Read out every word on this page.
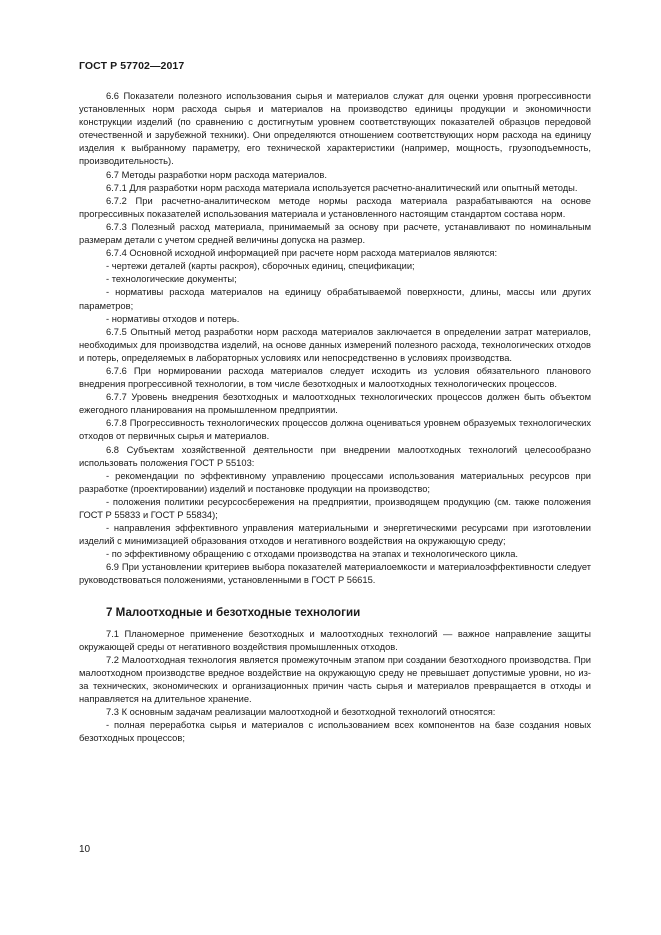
ГОСТ Р 57702—2017

6.6 Показатели полезного использования сырья и материалов служат для оценки уровня прогрессивности установленных норм расхода сырья и материалов на производство единицы продукции и экономичности конструкции изделий (по сравнению с достигнутым уровнем соответствующих показателей образцов передовой отечественной и зарубежной техники). Они определяются отношением соответствующих норм расхода на единицу изделия к выбранному параметру, его технической характеристики (например, мощность, грузоподъемность, производительность).

6.7 Методы разработки норм расхода материалов.

6.7.1 Для разработки норм расхода материала используется расчетно-аналитический или опытный методы.

6.7.2 При расчетно-аналитическом методе нормы расхода материала разрабатываются на основе прогрессивных показателей использования материала и установленного настоящим стандартом состава норм.

6.7.3 Полезный расход материала, принимаемый за основу при расчете, устанавливают по номинальным размерам детали с учетом средней величины допуска на размер.

6.7.4 Основной исходной информацией при расчете норм расхода материалов являются:

- чертежи деталей (карты раскроя), сборочных единиц, спецификации;

- технологические документы;

- нормативы расхода материалов на единицу обрабатываемой поверхности, длины, массы или других параметров;

- нормативы отходов и потерь.

6.7.5 Опытный метод разработки норм расхода материалов заключается в определении затрат материалов, необходимых для производства изделий, на основе данных измерений полезного расхода, технологических отходов и потерь, определяемых в лабораторных условиях или непосредственно в условиях производства.

6.7.6 При нормировании расхода материалов следует исходить из условия обязательного планового внедрения прогрессивной технологии, в том числе безотходных и малоотходных технологических процессов.

6.7.7 Уровень внедрения безотходных и малоотходных технологических процессов должен быть объектом ежегодного планирования на промышленном предприятии.

6.7.8 Прогрессивность технологических процессов должна оцениваться уровнем образуемых технологических отходов от первичных сырья и материалов.

6.8 Субъектам хозяйственной деятельности при внедрении малоотходных технологий целесообразно использовать положения ГОСТ Р 55103:

- рекомендации по эффективному управлению процессами использования материальных ресурсов при разработке (проектировании) изделий и постановке продукции на производство;

- положения политики ресурсосбережения на предприятии, производящем продукцию (см. также положения ГОСТ Р 55833 и ГОСТ Р 55834);

- направления эффективного управления материальными и энергетическими ресурсами при изготовлении изделий с минимизацией образования отходов и негативного воздействия на окружающую среду;

- по эффективному обращению с отходами производства на этапах и технологического цикла.

6.9 При установлении критериев выбора показателей материалоемкости и материалоэффективности следует руководствоваться положениями, установленными в ГОСТ Р 56615.

7 Малоотходные и безотходные технологии

7.1 Планомерное применение безотходных и малоотходных технологий — важное направление защиты окружающей среды от негативного воздействия промышленных отходов.

7.2 Малоотходная технология является промежуточным этапом при создании безотходного производства. При малоотходном производстве вредное воздействие на окружающую среду не превышает допустимые уровни, но из-за технических, экономических и организационных причин часть сырья и материалов превращается в отходы и направляется на длительное хранение.

7.3 К основным задачам реализации малоотходной и безотходной технологий относятся:

- полная переработка сырья и материалов с использованием всех компонентов на базе создания новых безотходных процессов;

10
